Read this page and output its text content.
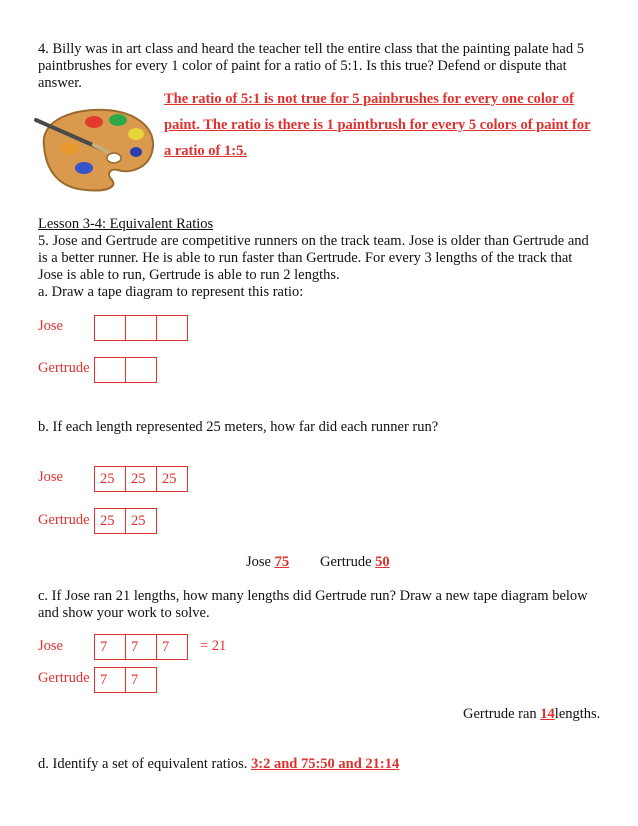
4. Billy was in art class and heard the teacher tell the entire class that the painting palate had 5
paintbrushes for every 1 color of paint for a ratio of 5:1. Is this true? Defend or dispute that
answer.
The ratio of 5:1 is not true for 5 painbrushes for every one color of
paint. The ratio is there is 1 paintbrush for every 5 colors of paint for
a ratio of 1:5.
Lesson 3-4: Equivalent Ratios
5. Jose and Gertrude are competitive runners on the track team. Jose is older than Gertrude and
is a better runner. He is able to run faster than Gertrude. For every 3 lengths of the track that
Jose is able to run, Gertrude is able to run 2 lengths.
a. Draw a tape diagram to represent this ratio:
Jose
Gertrude
b. If each length represented 25 meters, how far did each runner run?
Jose	25	25	25
Gertrude 25	25
Jose 75 Gertrude 50
c. If Jose ran 21 lengths, how many lengths did Gertrude run? Draw a new tape diagram below
and show your work to solve.
Jose	7	7	7	= 21
Gertrude 7	7
Gertrude ran 14lengths.
d. Identify a set of equivalent ratios. 3:2 and 75:50 and 21:14
